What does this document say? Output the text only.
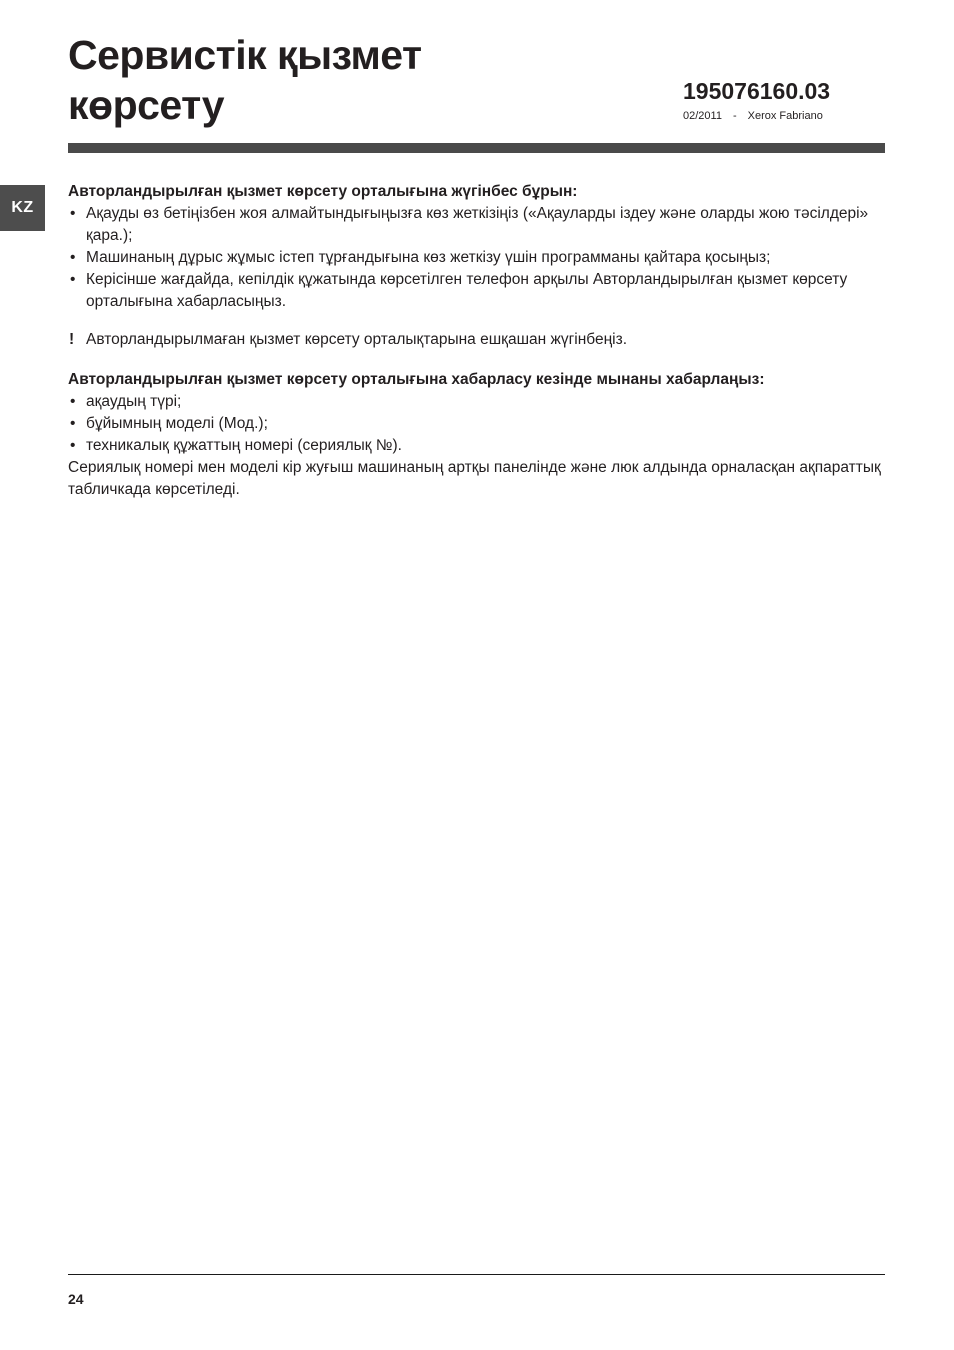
Сервистік қызмет
көрсету	195076160.03
02/2011 - Xerox Fabriano
KZ

Авторландырылған қызмет көрсету орталығына жүгінбес бұрын:

• Ақауды өз бетіңізбен жоя алмайтындығыңызға көз жеткізіңіз («Ақауларды іздеу және оларды жою тәсілдері» қара.);
• Машинаның дұрыс жұмыс істеп тұрғандығына көз жеткізу үшін программаны қайтара қосыңыз;
• Керісінше жағдайда, кепілдік құжатында көрсетілген телефон арқылы Авторландырылған қызмет көрсету орталығына хабарласыңыз.

! Авторландырылмаған қызмет көрсету орталықтарына ешқашан жүгінбеңіз.

Авторландырылған қызмет көрсету орталығына хабарласу кезінде мынаны хабарлаңыз:

• ақаудың түрі;
• бұйымның моделі (Мод.);
• техникалық құжаттың номері (сериялық №).

Сериялық номері мен моделі кір жуғыш машинаның артқы панелінде және люк алдында орналасқан ақпараттық табличкада көрсетіледі.

24
